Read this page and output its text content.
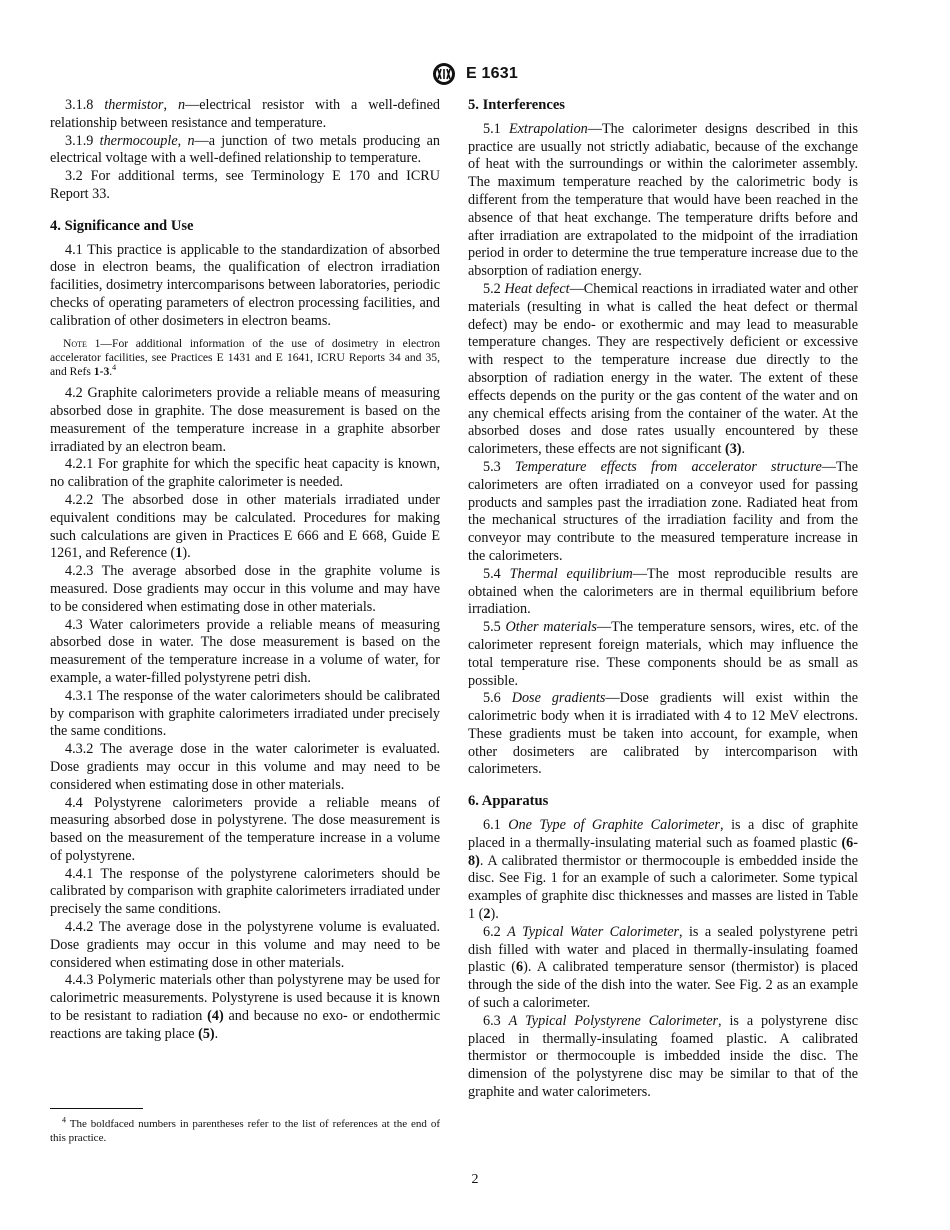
E 1631

3.1.8 thermistor, n—electrical resistor with a well-defined relationship between resistance and temperature.

3.1.9 thermocouple, n—a junction of two metals producing an electrical voltage with a well-defined relationship to temperature.

3.2 For additional terms, see Terminology E 170 and ICRU Report 33.

4. Significance and Use

4.1 This practice is applicable to the standardization of absorbed dose in electron beams, the qualification of electron irradiation facilities, dosimetry intercomparisons between laboratories, periodic checks of operating parameters of electron processing facilities, and calibration of other dosimeters in electron beams.

Note 1—For additional information of the use of dosimetry in electron accelerator facilities, see Practices E 1431 and E 1641, ICRU Reports 34 and 35, and Refs 1-3.$^4$

4.2 Graphite calorimeters provide a reliable means of measuring absorbed dose in graphite. The dose measurement is based on the measurement of the temperature increase in a graphite absorber irradiated by an electron beam.

4.2.1 For graphite for which the specific heat capacity is known, no calibration of the graphite calorimeter is needed.

4.2.2 The absorbed dose in other materials irradiated under equivalent conditions may be calculated. Procedures for making such calculations are given in Practices E 666 and E 668, Guide E 1261, and Reference (1).

4.2.3 The average absorbed dose in the graphite volume is measured. Dose gradients may occur in this volume and may have to be considered when estimating dose in other materials.

4.3 Water calorimeters provide a reliable means of measuring absorbed dose in water. The dose measurement is based on the measurement of the temperature increase in a volume of water, for example, a water-filled polystyrene petri dish.

4.3.1 The response of the water calorimeters should be calibrated by comparison with graphite calorimeters irradiated under precisely the same conditions.

4.3.2 The average dose in the water calorimeter is evaluated. Dose gradients may occur in this volume and may need to be considered when estimating dose in other materials.

4.4 Polystyrene calorimeters provide a reliable means of measuring absorbed dose in polystyrene. The dose measurement is based on the measurement of the temperature increase in a volume of polystyrene.

4.4.1 The response of the polystyrene calorimeters should be calibrated by comparison with graphite calorimeters irradiated under precisely the same conditions.

4.4.2 The average dose in the polystyrene volume is evaluated. Dose gradients may occur in this volume and may need to be considered when estimating dose in other materials.

4.4.3 Polymeric materials other than polystyrene may be used for calorimetric measurements. Polystyrene is used because it is known to be resistant to radiation (4) and because no exo- or endothermic reactions are taking place (5).

5. Interferences

5.1 Extrapolation—The calorimeter designs described in this practice are usually not strictly adiabatic, because of the exchange of heat with the surroundings or within the calorimeter assembly. The maximum temperature reached by the calorimetric body is different from the temperature that would have been reached in the absence of that heat exchange. The temperature drifts before and after irradiation are extrapolated to the midpoint of the irradiation period in order to determine the true temperature increase due to the absorption of radiation energy.

5.2 Heat defect—Chemical reactions in irradiated water and other materials (resulting in what is called the heat defect or thermal defect) may be endo- or exothermic and may lead to measurable temperature changes. They are respectively deficient or excessive with respect to the temperature increase due directly to the absorption of radiation energy in the water. The extent of these effects depends on the purity or the gas content of the water and on any chemical effects arising from the container of the water. At the absorbed doses and dose rates usually encountered by these calorimeters, these effects are not significant (3).

5.3 Temperature effects from accelerator structure—The calorimeters are often irradiated on a conveyor used for passing products and samples past the irradiation zone. Radiated heat from the mechanical structures of the irradiation facility and from the conveyor may contribute to the measured temperature increase in the calorimeters.

5.4 Thermal equilibrium—The most reproducible results are obtained when the calorimeters are in thermal equilibrium before irradiation.

5.5 Other materials—The temperature sensors, wires, etc. of the calorimeter represent foreign materials, which may influence the total temperature rise. These components should be as small as possible.

5.6 Dose gradients—Dose gradients will exist within the calorimetric body when it is irradiated with 4 to 12 MeV electrons. These gradients must be taken into account, for example, when other dosimeters are calibrated by intercomparison with calorimeters.

6. Apparatus

6.1 One Type of Graphite Calorimeter, is a disc of graphite placed in a thermally-insulating material such as foamed plastic (6-8). A calibrated thermistor or thermocouple is embedded inside the disc. See Fig. 1 for an example of such a calorimeter. Some typical examples of graphite disc thicknesses and masses are listed in Table 1 (2).

6.2 A Typical Water Calorimeter, is a sealed polystyrene petri dish filled with water and placed in thermally-insulating foamed plastic (6). A calibrated temperature sensor (thermistor) is placed through the side of the dish into the water. See Fig. 2 as an example of such a calorimeter.

6.3 A Typical Polystyrene Calorimeter, is a polystyrene disc placed in thermally-insulating foamed plastic. A calibrated thermistor or thermocouple is imbedded inside the disc. The dimension of the polystyrene disc may be similar to that of the graphite and water calorimeters.

$^4$ The boldfaced numbers in parentheses refer to the list of references at the end of this practice.
2
